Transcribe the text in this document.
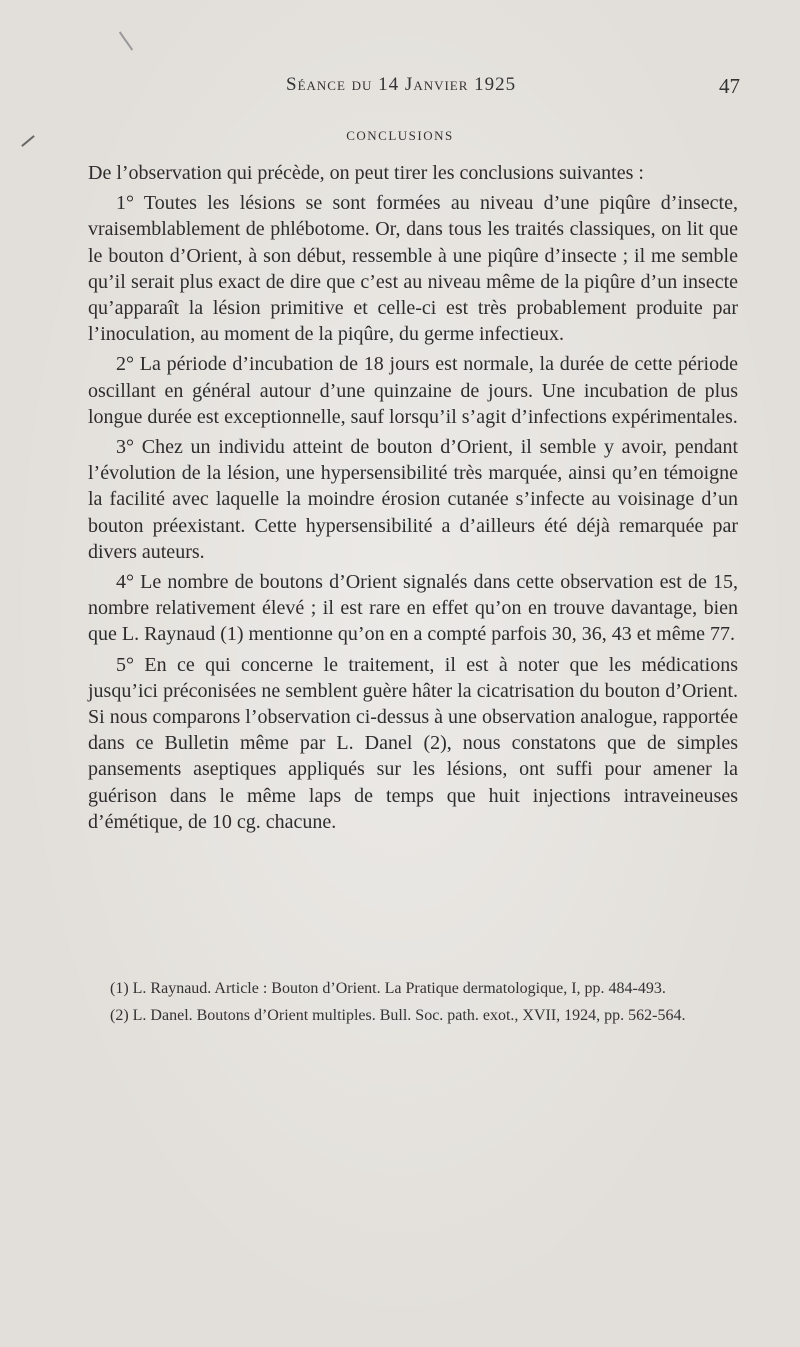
Séance du 14 Janvier 1925	47
CONCLUSIONS

De l’observation qui précède, on peut tirer les conclusions suivantes :

1° Toutes les lésions se sont formées au niveau d’une piqûre d’insecte, vraisemblablement de phlébotome. Or, dans tous les traités classiques, on lit que le bouton d’Orient, à son début, ressemble à une piqûre d’insecte ; il me semble qu’il serait plus exact de dire que c’est au niveau même de la piqûre d’un insecte qu’apparaît la lésion primitive et celle-ci est très probablement produite par l’inoculation, au moment de la piqûre, du germe infectieux.

2° La période d’incubation de 18 jours est normale, la durée de cette période oscillant en général autour d’une quinzaine de jours. Une incubation de plus longue durée est exceptionnelle, sauf lorsqu’il s’agit d’infections expérimentales.

3° Chez un individu atteint de bouton d’Orient, il semble y avoir, pendant l’évolution de la lésion, une hypersensibilité très marquée, ainsi qu’en témoigne la facilité avec laquelle la moindre érosion cutanée s’infecte au voisinage d’un bouton préexistant. Cette hypersensibilité a d’ailleurs été déjà remarquée par divers auteurs.

4° Le nombre de boutons d’Orient signalés dans cette observation est de 15, nombre relativement élevé ; il est rare en effet qu’on en trouve davantage, bien que L. Raynaud (1) mentionne qu’on en a compté parfois 30, 36, 43 et même 77.

5° En ce qui concerne le traitement, il est à noter que les médications jusqu’ici préconisées ne semblent guère hâter la cicatrisation du bouton d’Orient. Si nous comparons l’observation ci-dessus à une observation analogue, rapportée dans ce Bulletin même par L. Danel (2), nous constatons que de simples pansements aseptiques appliqués sur les lésions, ont suffi pour amener la guérison dans le même laps de temps que huit injections intraveineuses d’émétique, de 10 cg. chacune.

(1) L. Raynaud. Article : Bouton d’Orient. La Pratique dermatologique, I, pp. 484-493.

(2) L. Danel. Boutons d’Orient multiples. Bull. Soc. path. exot., XVII, 1924, pp. 562-564.
